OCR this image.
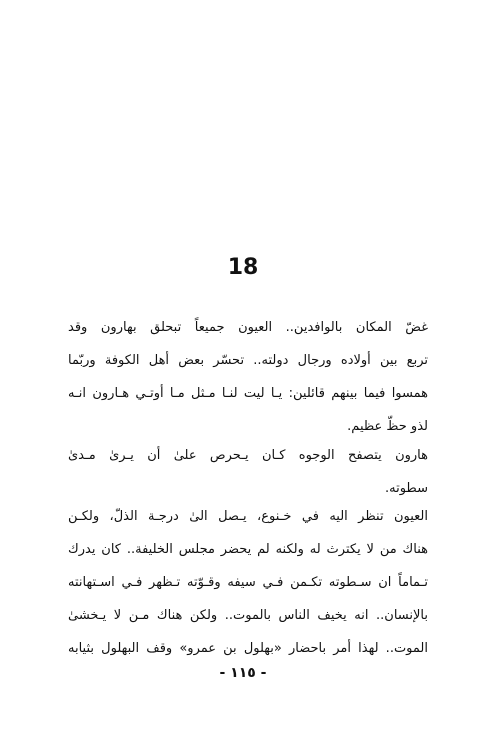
18
غضّ المكان بالوافدين.. العيون جميعاً تبحلق بهارون وقد
تربع بين أولاده ورجال دولته.. تحسّر بعض أهل الكوفة وربّما
همسوا فيما بينهم قائلين: يـا ليت لنـا مـثل مـا أوتـي هـارون انـه
لذو حظّ عظيم.
هارون يتصفح الوجوه كـان يـحرص علىٰ أن يـرىٰ مـدىٰ
سطوته.
العيون تنظر اليه في خـنوع، يـصل الىٰ درجـة الذلّ، ولكـن
هناك من لا يكترث له ولكنه لم يحضر مجلس الخليفة.. كان يدرك
تـماماً ان سـطوته تكـمن فـي سيفه وقـوّته تـظهر فـي اسـتهانته
بالإنسان.. انه يخيف الناس بالموت.. ولكن هناك مـن لا يـخشىٰ
الموت.. لهذا أمر باحضار «بهلول بن عمرو» وقف البهلول بثيابه
- ١١٥ -
